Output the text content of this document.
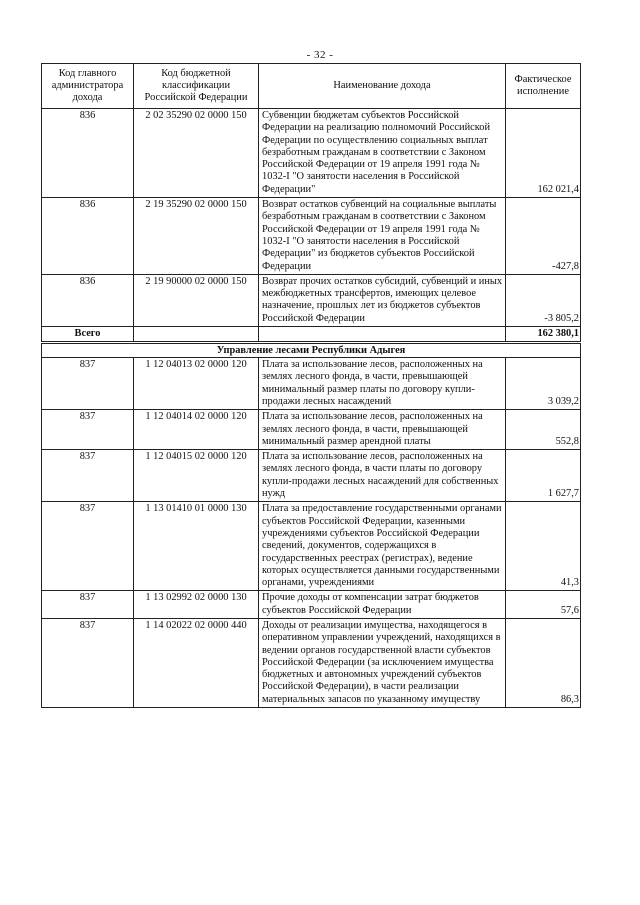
- 32 -
Код главного администратора дохода	Код бюджетной классификации Российской Федерации	Наименование дохода	Фактическое исполнение
836	2 02 35290 02 0000 150	Субвенции бюджетам субъектов Российской Федерации на реализацию полномочий Российской Федерации по осуществлению социальных выплат безработным гражданам в соответствии с Законом Российской Федерации от 19 апреля 1991 года № 1032-I "О занятости населения в Российской Федерации"	162 021,4
836	2 19 35290 02 0000 150	Возврат остатков субвенций на социальные выплаты безработным гражданам в соответствии с Законом Российской Федерации от 19 апреля 1991 года № 1032-I "О занятости населения в Российской Федерации" из бюджетов субъектов Российской Федерации	-427,8
836	2 19 90000 02 0000 150	Возврат прочих остатков субсидий, субвенций и иных межбюджетных трансфертов, имеющих целевое назначение, прошлых лет из бюджетов субъектов Российской Федерации	-3 805,2
Всего			162 380,1
Управление лесами Республики Адыгея			
837	1 12 04013 02 0000 120	Плата за использование лесов, расположенных на землях лесного фонда, в части, превышающей минимальный размер платы по договору купли-продажи лесных насаждений	3 039,2
837	1 12 04014 02 0000 120	Плата за использование лесов, расположенных на землях лесного фонда, в части, превышающей минимальный размер арендной платы	552,8
837	1 12 04015 02 0000 120	Плата за использование лесов, расположенных на землях лесного фонда, в части платы по договору купли-продажи лесных насаждений для собственных нужд	1 627,7
837	1 13 01410 01 0000 130	Плата за предоставление государственными органами субъектов Российской Федерации, казенными учреждениями субъектов Российской Федерации сведений, документов, содержащихся в государственных реестрах (регистрах), ведение которых осуществляется данными государственными органами, учреждениями	41,3
837	1 13 02992 02 0000 130	Прочие доходы от компенсации затрат бюджетов субъектов Российской Федерации	57,6
837	1 14 02022 02 0000 440	Доходы от реализации имущества, находящегося в оперативном управлении учреждений, находящихся в ведении органов государственной власти субъектов Российской Федерации (за исключением имущества бюджетных и автономных учреждений субъектов Российской Федерации), в части реализации материальных запасов по указанному имуществу	86,3
